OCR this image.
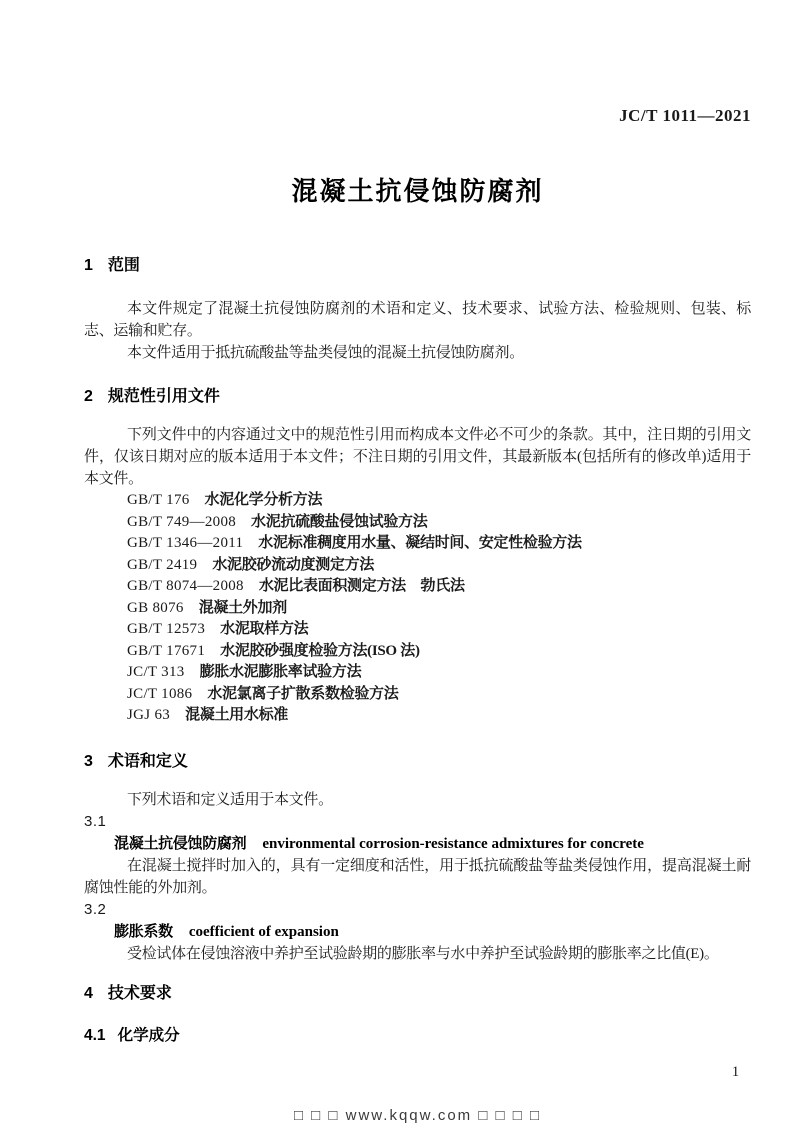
JC/T 1011—2021
混凝土抗侵蚀防腐剂
1 范围

本文件规定了混凝土抗侵蚀防腐剂的术语和定义、技术要求、试验方法、检验规则、包装、标志、运输和贮存。

本文件适用于抵抗硫酸盐等盐类侵蚀的混凝土抗侵蚀防腐剂。

2 规范性引用文件

下列文件中的内容通过文中的规范性引用而构成本文件必不可少的条款。其中，注日期的引用文件，仅该日期对应的版本适用于本文件；不注日期的引用文件，其最新版本(包括所有的修改单)适用于本文件。

GB/T 176 水泥化学分析方法
GB/T 749—2008 水泥抗硫酸盐侵蚀试验方法
GB/T 1346—2011 水泥标准稠度用水量、凝结时间、安定性检验方法
GB/T 2419 水泥胶砂流动度测定方法
GB/T 8074—2008 水泥比表面积测定方法　勃氏法
GB 8076 混凝土外加剂
GB/T 12573 水泥取样方法
GB/T 17671 水泥胶砂强度检验方法(ISO 法)
JC/T 313 膨胀水泥膨胀率试验方法
JC/T 1086 水泥氯离子扩散系数检验方法
JGJ 63 混凝土用水标准
3 术语和定义

下列术语和定义适用于本文件。

3.1
混凝土抗侵蚀防腐剂 environmental corrosion-resistance admixtures for concrete

在混凝土搅拌时加入的，具有一定细度和活性，用于抵抗硫酸盐等盐类侵蚀作用，提高混凝土耐腐蚀性能的外加剂。

3.2
膨胀系数 coefficient of expansion

受检试体在侵蚀溶液中养护至试验龄期的膨胀率与水中养护至试验龄期的膨胀率之比值(E)。

4 技术要求
4.1 化学成分
1
□ □ □ www.kqqw.com □ □ □ □
